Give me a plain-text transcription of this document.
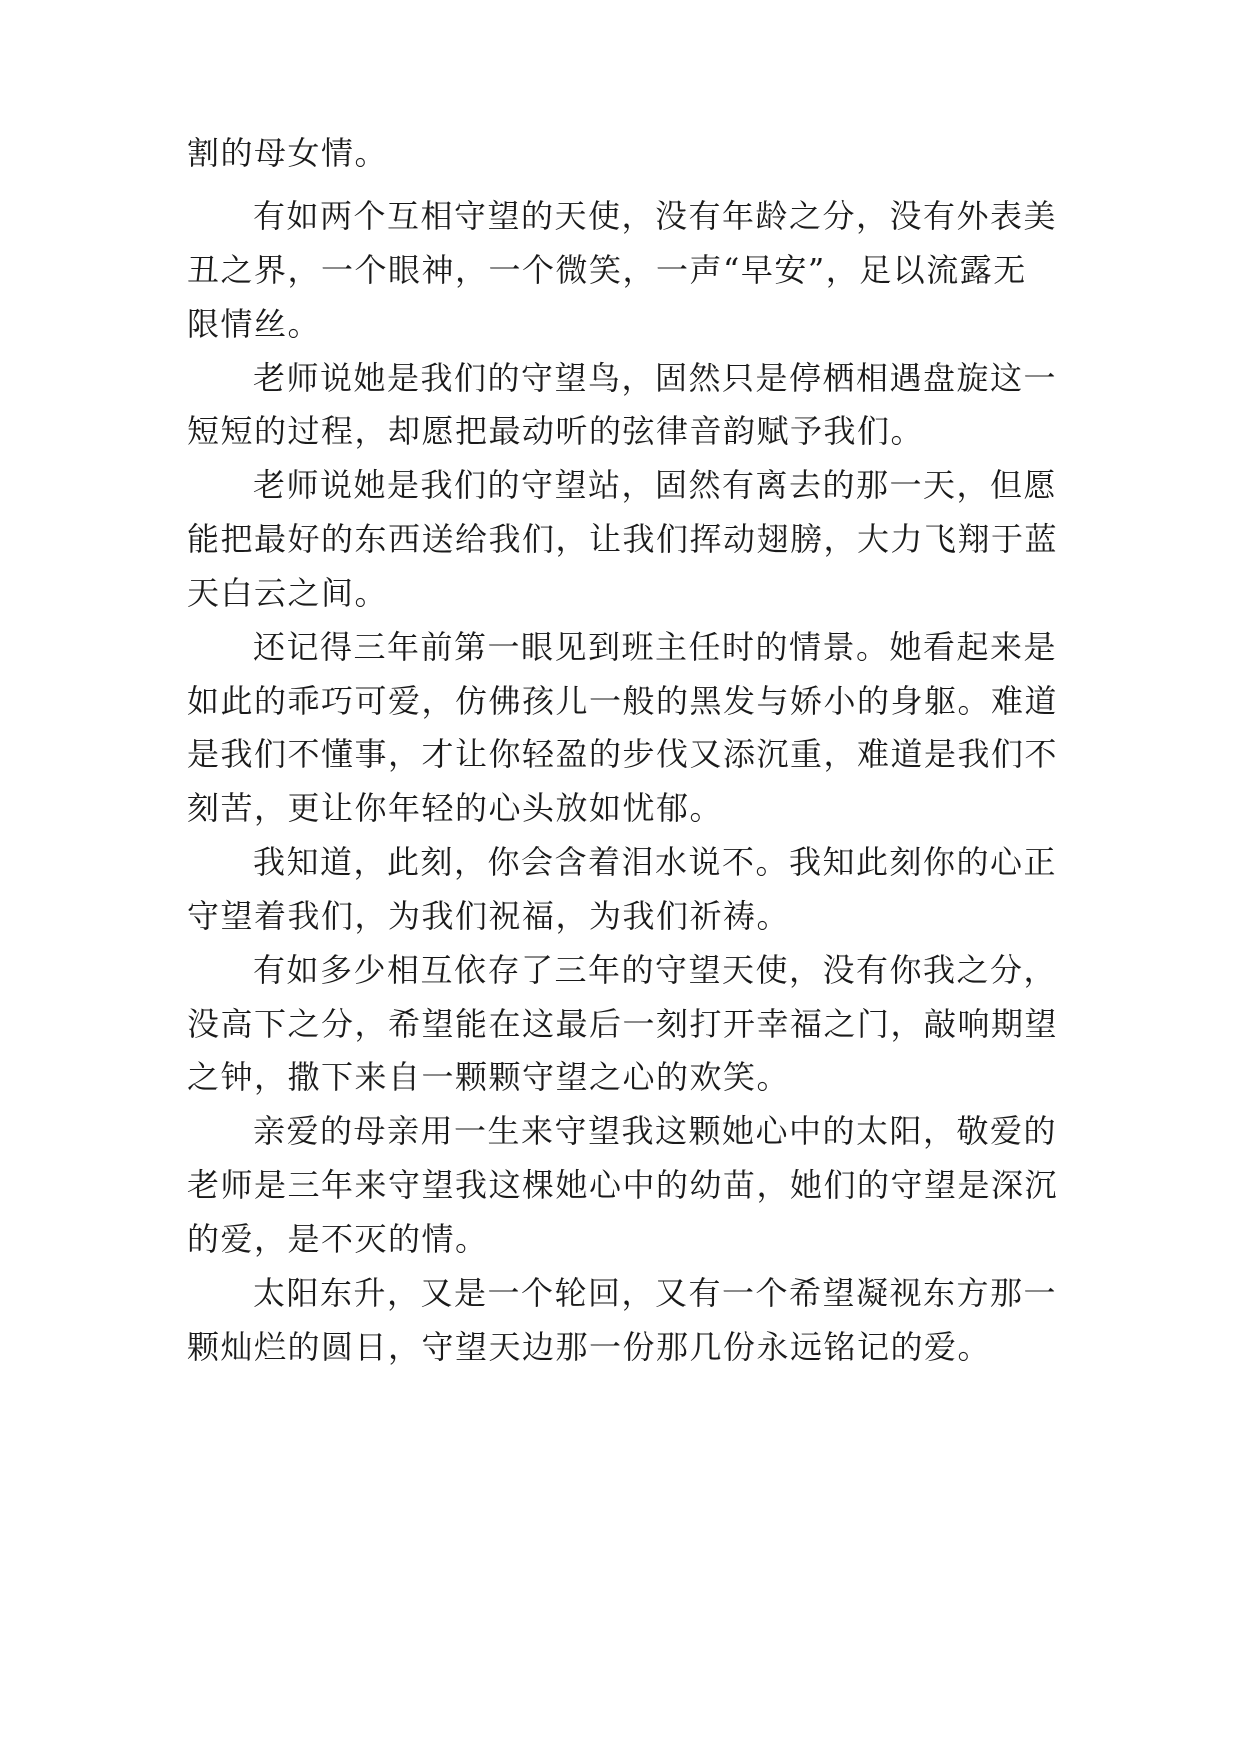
割的母女情。
有如两个互相守望的天使，没有年龄之分，没有外表美
丑之界，一个眼神，一个微笑，一声“早安”，足以流露无
限情丝。
老师说她是我们的守望鸟，固然只是停栖相遇盘旋这一
短短的过程，却愿把最动听的弦律音韵赋予我们。
老师说她是我们的守望站，固然有离去的那一天，但愿
能把最好的东西送给我们，让我们挥动翅膀，大力飞翔于蓝
天白云之间。
还记得三年前第一眼见到班主任时的情景。她看起来是
如此的乖巧可爱，仿佛孩儿一般的黑发与娇小的身躯。难道
是我们不懂事，才让你轻盈的步伐又添沉重，难道是我们不
刻苦，更让你年轻的心头放如忧郁。
我知道，此刻，你会含着泪水说不。我知此刻你的心正
守望着我们，为我们祝福，为我们祈祷。
有如多少相互依存了三年的守望天使，没有你我之分，
没高下之分，希望能在这最后一刻打开幸福之门，敲响期望
之钟，撒下来自一颗颗守望之心的欢笑。
亲爱的母亲用一生来守望我这颗她心中的太阳，敬爱的
老师是三年来守望我这棵她心中的幼苗，她们的守望是深沉
的爱，是不灭的情。
太阳东升，又是一个轮回，又有一个希望凝视东方那一
颗灿烂的圆日，守望天边那一份那几份永远铭记的爱。
